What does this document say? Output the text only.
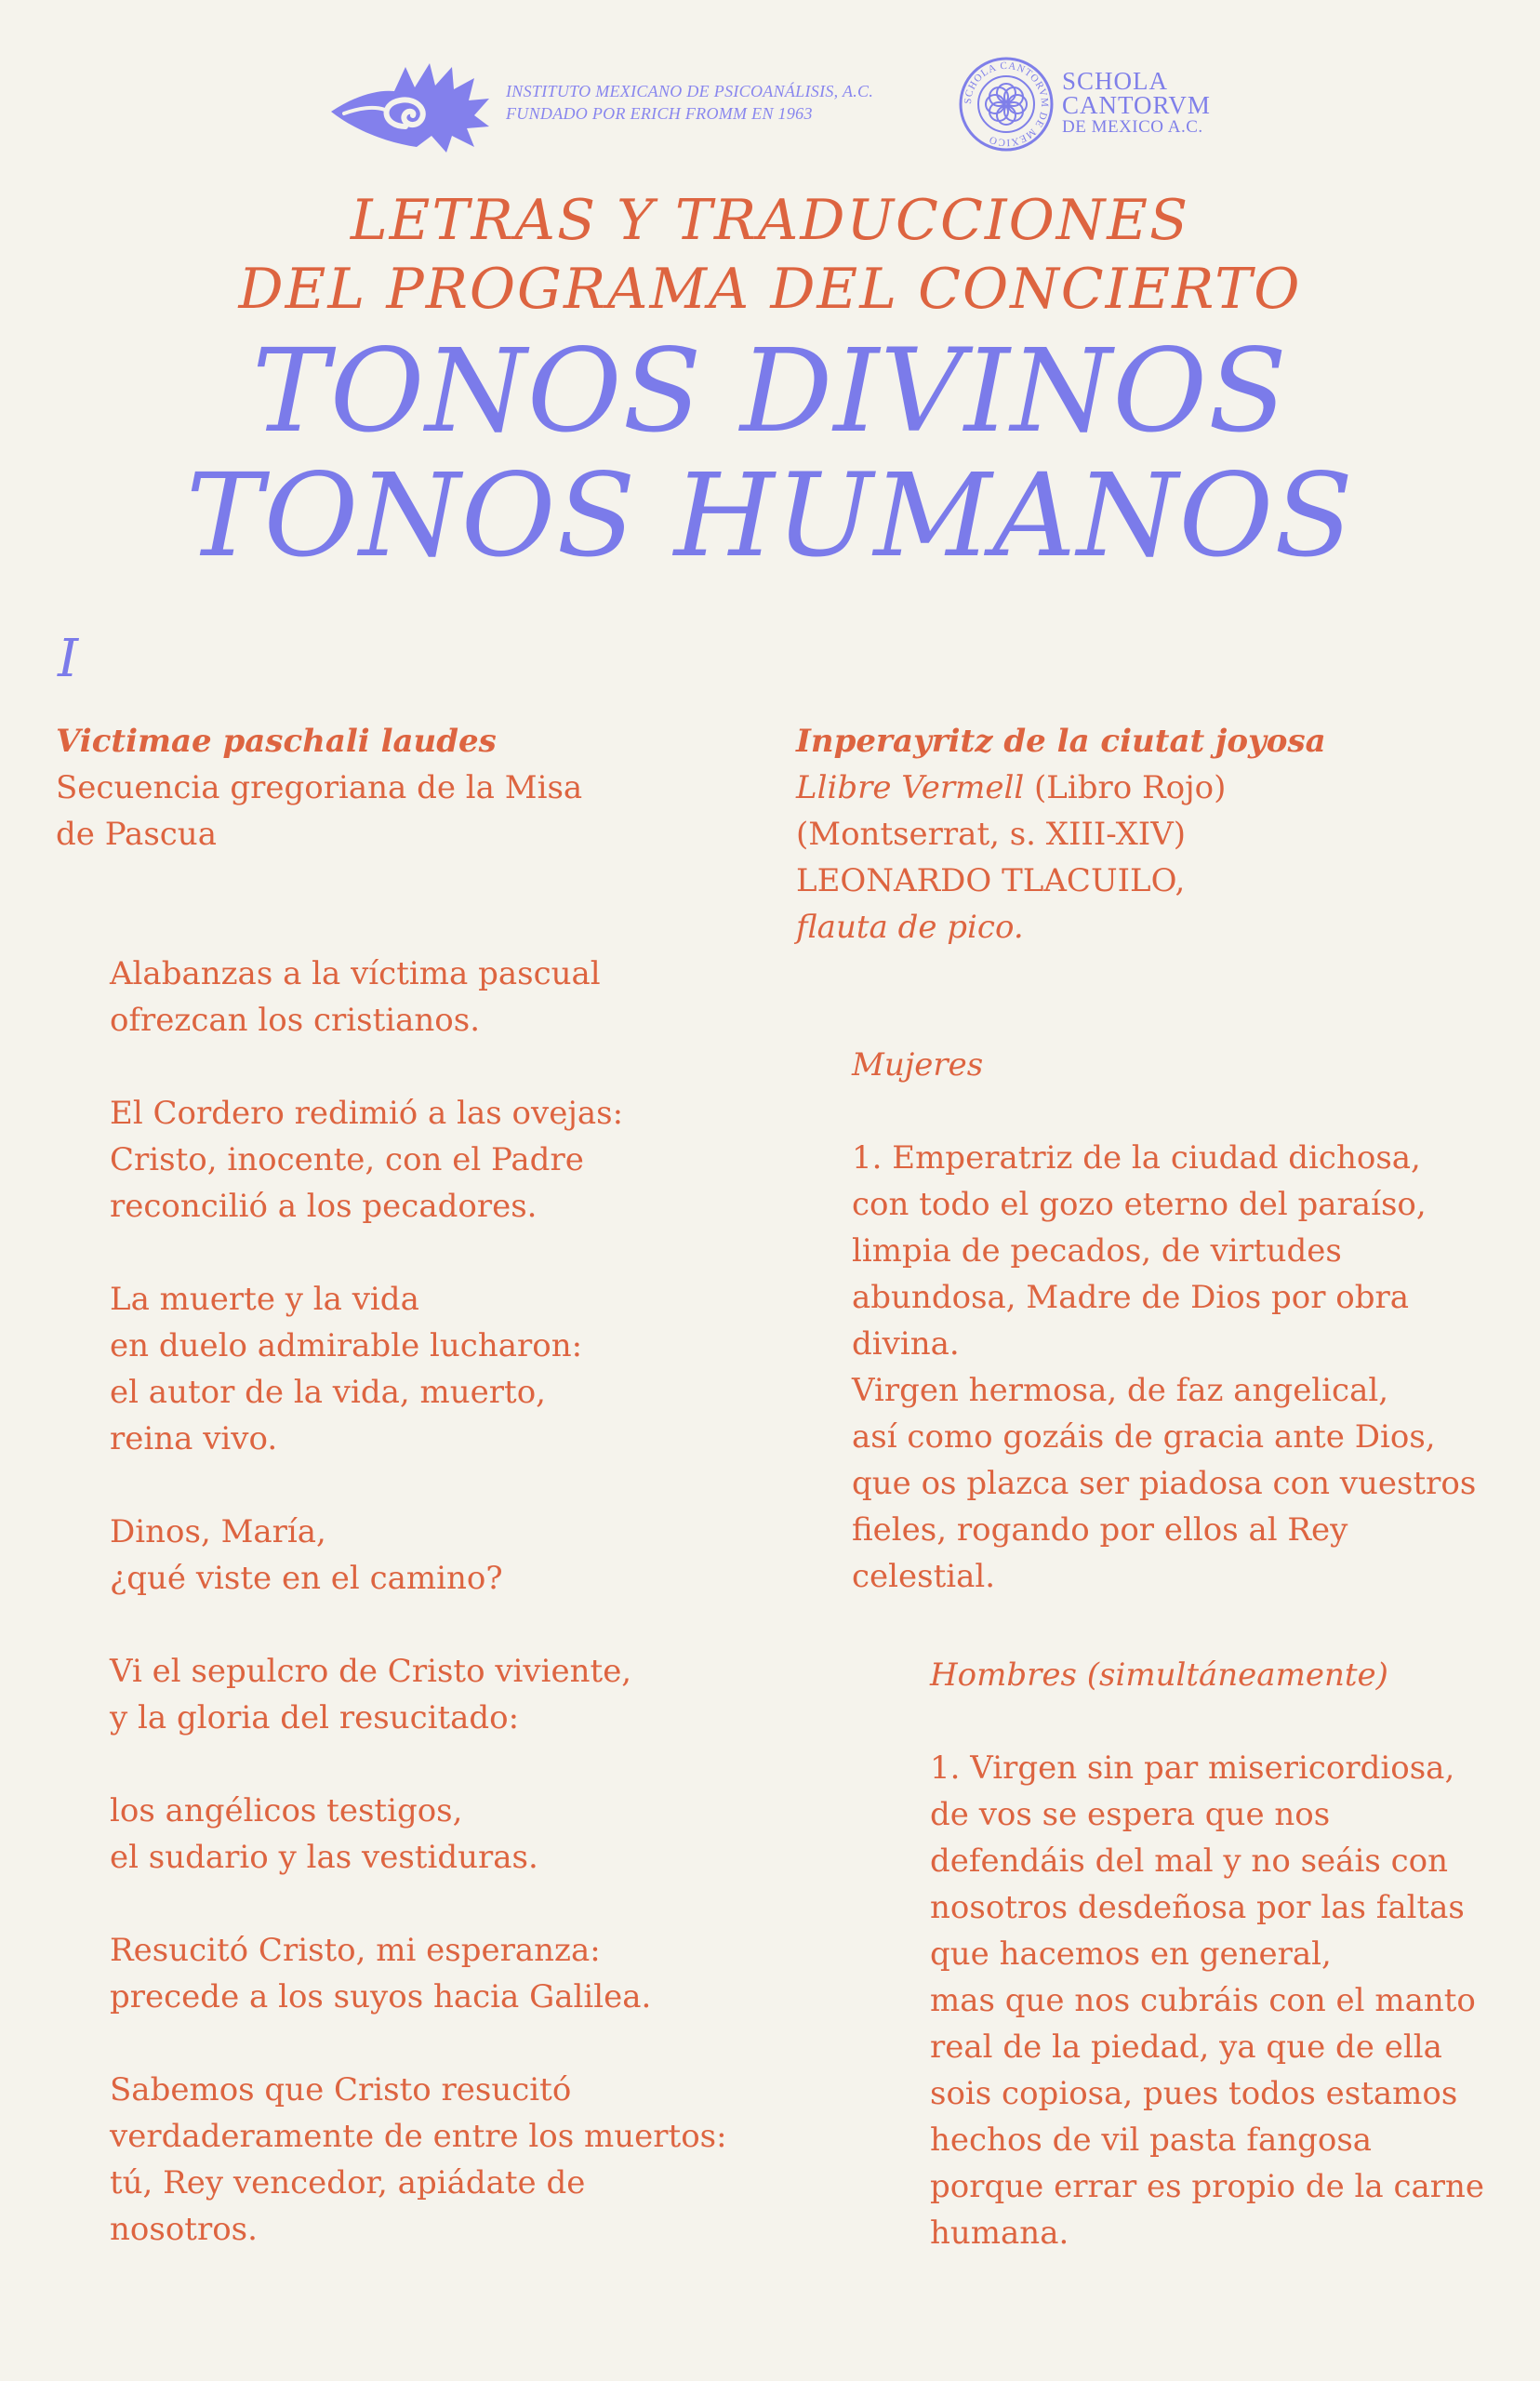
INSTITUTO MEXICANO DE PSICOANÁLISIS, A.C.
FUNDADO POR ERICH FROMM EN 1963
SCHOLA CANTORVM DE MEXICO
SCHOLA
CANTORVM
DE MEXICO A.C.
LETRAS Y TRADUCCIONES
DEL PROGRAMA DEL CONCIERTO
TONOS DIVINOS
TONOS HUMANOS
I
Victimae paschali laudes
Secuencia gregoriana de la Misa
de Pascua
Alabanzas a la víctima pascual
ofrezcan los cristianos.
El Cordero redimió a las ovejas:
Cristo, inocente, con el Padre
reconcilió a los pecadores.
La muerte y la vida
en duelo admirable lucharon:
el autor de la vida, muerto,
reina vivo.
Dinos, María,
¿qué viste en el camino?
Vi el sepulcro de Cristo viviente,
y la gloria del resucitado:
los angélicos testigos,
el sudario y las vestiduras.
Resucitó Cristo, mi esperanza:
precede a los suyos hacia Galilea.
Sabemos que Cristo resucitó
verdaderamente de entre los muertos:
tú, Rey vencedor, apiádate de
nosotros.
Inperayritz de la ciutat joyosa
Llibre Vermell (Libro Rojo)
(Montserrat, s. XIII-XIV)
LEONARDO TLACUILO,
flauta de pico.
Mujeres
1. Emperatriz de la ciudad dichosa,
con todo el gozo eterno del paraíso,
limpia de pecados, de virtudes
abundosa, Madre de Dios por obra
divina.
Virgen hermosa, de faz angelical,
así como gozáis de gracia ante Dios,
que os plazca ser piadosa con vuestros
fieles, rogando por ellos al Rey
celestial.
Hombres (simultáneamente)
1. Virgen sin par misericordiosa,
de vos se espera que nos
defendáis del mal y no seáis con
nosotros desdeñosa por las faltas
que hacemos en general,
mas que nos cubráis con el manto
real de la piedad, ya que de ella
sois copiosa, pues todos estamos
hechos de vil pasta fangosa
porque errar es propio de la carne
humana.
